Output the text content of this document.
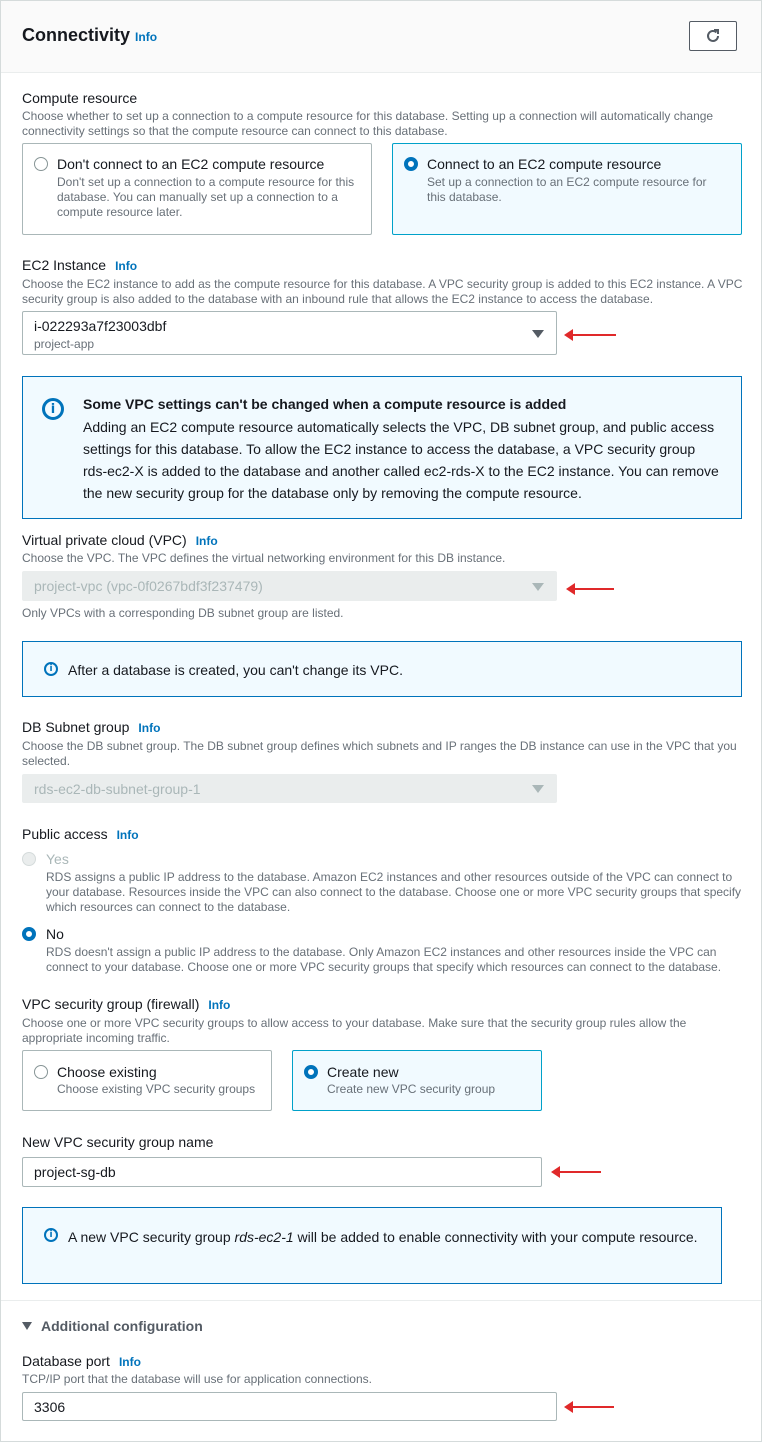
Connectivity Info
Compute resource
Choose whether to set up a connection to a compute resource for this database. Setting up a connection will automatically change connectivity settings so that the compute resource can connect to this database.
Don't connect to an EC2 compute resource
Don't set up a connection to a compute resource for this database. You can manually set up a connection to a compute resource later.
Connect to an EC2 compute resource
Set up a connection to an EC2 compute resource for this database.
EC2 Instance Info
Choose the EC2 instance to add as the compute resource for this database. A VPC security group is added to this EC2 instance. A VPC security group is also added to the database with an inbound rule that allows the EC2 instance to access the database.
i-022293a7f23003dbf
project-app
i	Some VPC settings can't be changed when a compute resource is added
Adding an EC2 compute resource automatically selects the VPC, DB subnet group, and public access settings for this database. To allow the EC2 instance to access the database, a VPC security group rds-ec2-X is added to the database and another called ec2-rds-X to the EC2 instance. You can remove the new security group for the database only by removing the compute resource.
Virtual private cloud (VPC) Info
Choose the VPC. The VPC defines the virtual networking environment for this DB instance.
project-vpc (vpc-0f0267bdf3f237479)
Only VPCs with a corresponding DB subnet group are listed.
i	After a database is created, you can't change its VPC.
DB Subnet group Info
Choose the DB subnet group. The DB subnet group defines which subnets and IP ranges the DB instance can use in the VPC that you selected.
rds-ec2-db-subnet-group-1
Public access Info
Yes
RDS assigns a public IP address to the database. Amazon EC2 instances and other resources outside of the VPC can connect to your database. Resources inside the VPC can also connect to the database. Choose one or more VPC security groups that specify which resources can connect to the database.
No
RDS doesn't assign a public IP address to the database. Only Amazon EC2 instances and other resources inside the VPC can connect to your database. Choose one or more VPC security groups that specify which resources can connect to the database.
VPC security group (firewall) Info
Choose one or more VPC security groups to allow access to your database. Make sure that the security group rules allow the appropriate incoming traffic.
Choose existing
Choose existing VPC security groups
Create new
Create new VPC security group
New VPC security group name
project-sg-db
i	A new VPC security group rds-ec2-1 will be added to enable connectivity with your compute resource.
Additional configuration
Database port Info
TCP/IP port that the database will use for application connections.
3306
